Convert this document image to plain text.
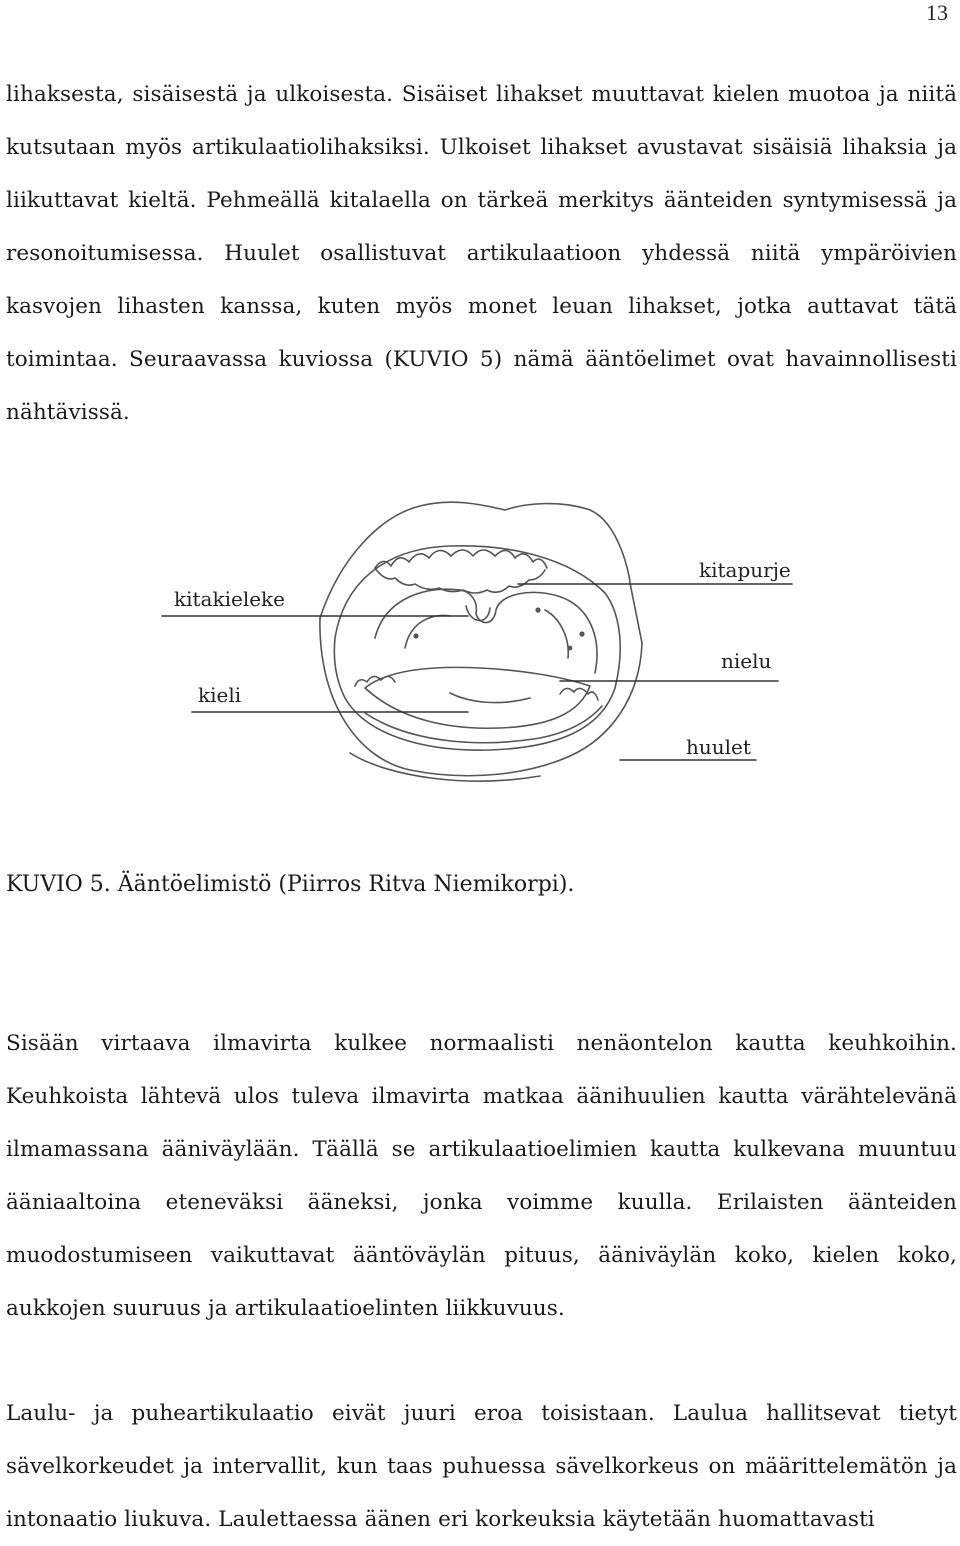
13

lihaksesta, sisäisestä ja ulkoisesta. Sisäiset lihakset muuttavat kielen muotoa ja niitä kutsutaan myös artikulaatiolihaksiksi. Ulkoiset lihakset avustavat sisäisiä lihaksia ja liikuttavat kieltä. Pehmeällä kitalaella on tärkeä merkitys äänteiden syntymisessä ja resonoitumisessa. Huulet osallistuvat artikulaatioon yhdessä niitä ympäröivien kasvojen lihasten kanssa, kuten myös monet leuan lihakset, jotka auttavat tätä toimintaa. Seuraavassa kuviossa (KUVIO 5) nämä ääntöelimet ovat havainnollisesti nähtävissä.

kitakieleke
kitapurje
nielu
kieli
huulet

KUVIO 5. Ääntöelimistö (Piirros Ritva Niemikorpi).

Sisään virtaava ilmavirta kulkee normaalisti nenäontelon kautta keuhkoihin. Keuhkoista lähtevä ulos tuleva ilmavirta matkaa äänihuulien kautta värähtelevänä ilmamassana ääniväylään. Täällä se artikulaatioelimien kautta kulkevana muuntuu ääniaaltoina eteneväksi ääneksi, jonka voimme kuulla. Erilaisten äänteiden muodostumiseen vaikuttavat ääntöväylän pituus, ääniväylän koko, kielen koko, aukkojen suuruus ja artikulaatioelinten liikkuvuus.

Laulu- ja puheartikulaatio eivät juuri eroa toisistaan. Laulua hallitsevat tietyt sävelkorkeudet ja intervallit, kun taas puhuessa sävelkorkeus on määrittelemätön ja intonaatio liukuva. Laulettaessa äänen eri korkeuksia käytetään huomattavasti
